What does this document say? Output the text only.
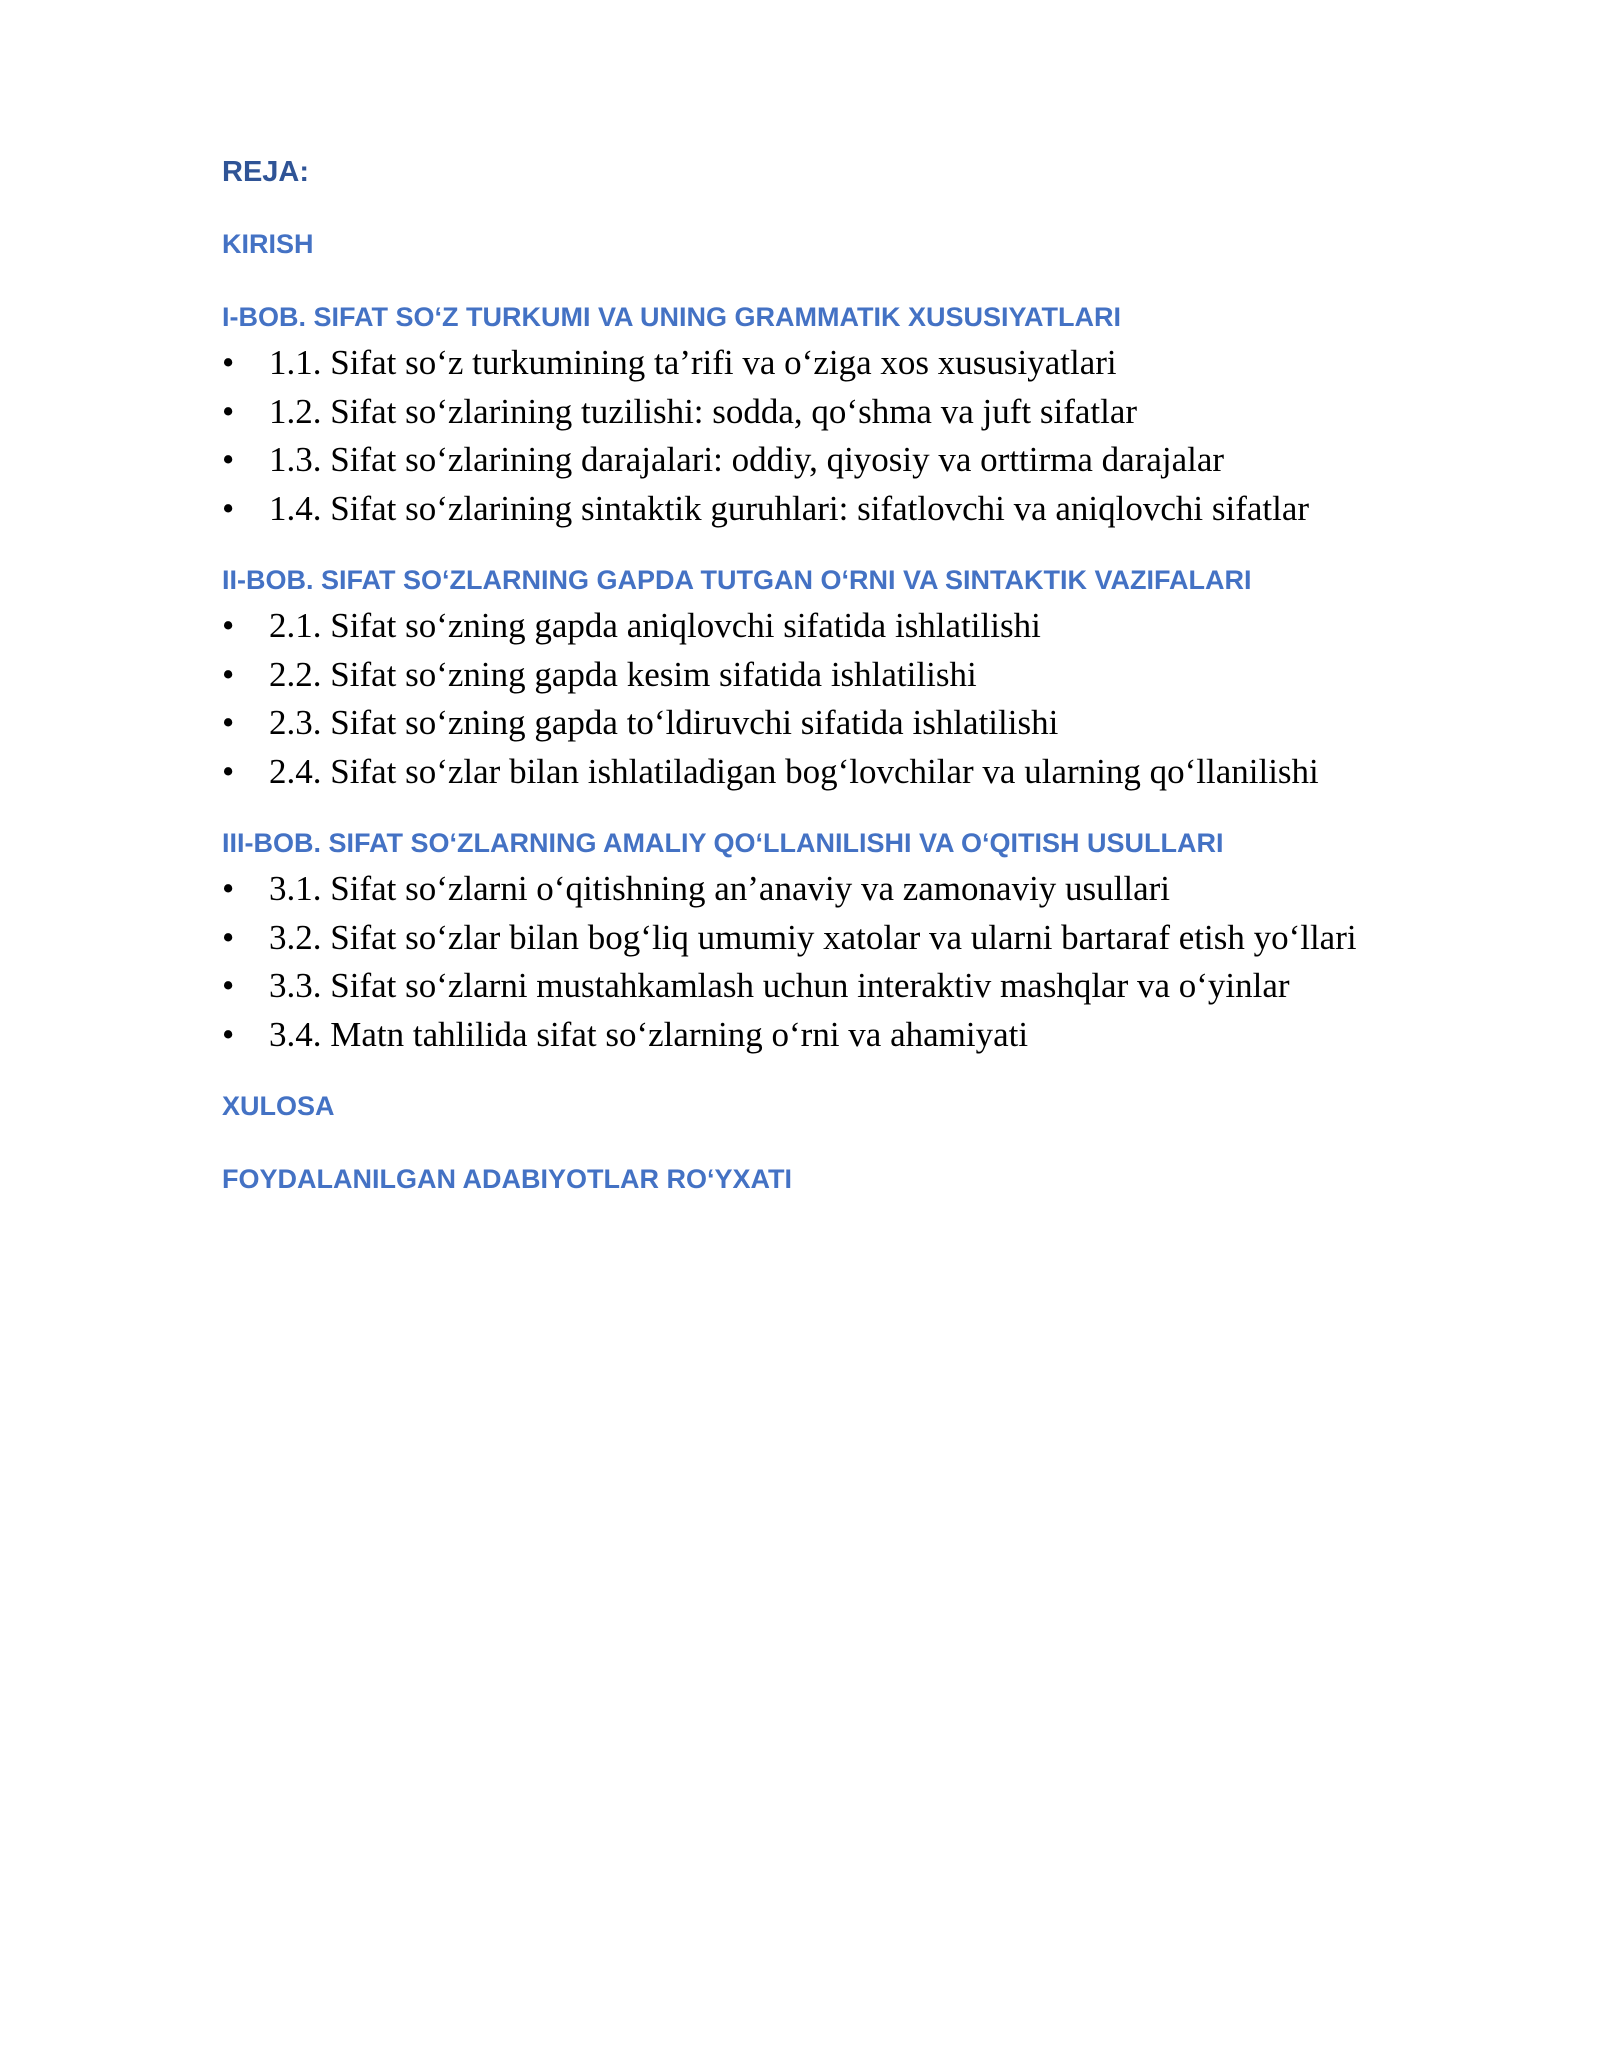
REJA:
KIRISH
I-BOB. SIFAT SO‘Z TURKUMI VA UNING GRAMMATIK XUSUSIYATLARI
• 1.1. Sifat so‘z turkumining ta’rifi va o‘ziga xos xususiyatlari
• 1.2. Sifat so‘zlarining tuzilishi: sodda, qo‘shma va juft sifatlar
• 1.3. Sifat so‘zlarining darajalari: oddiy, qiyosiy va orttirma darajalar
• 1.4. Sifat so‘zlarining sintaktik guruhlari: sifatlovchi va aniqlovchi sifatlar
II-BOB. SIFAT SO‘ZLARNING GAPDA TUTGAN O‘RNI VA SINTAKTIK VAZIFALARI
• 2.1. Sifat so‘zning gapda aniqlovchi sifatida ishlatilishi
• 2.2. Sifat so‘zning gapda kesim sifatida ishlatilishi
• 2.3. Sifat so‘zning gapda to‘ldiruvchi sifatida ishlatilishi
• 2.4. Sifat so‘zlar bilan ishlatiladigan bog‘lovchilar va ularning qo‘llanilishi
III-BOB. SIFAT SO‘ZLARNING AMALIY QO‘LLANILISHI VA O‘QITISH USULLARI
• 3.1. Sifat so‘zlarni o‘qitishning an’anaviy va zamonaviy usullari
• 3.2. Sifat so‘zlar bilan bog‘liq umumiy xatolar va ularni bartaraf etish yo‘llari
• 3.3. Sifat so‘zlarni mustahkamlash uchun interaktiv mashqlar va o‘yinlar
• 3.4. Matn tahlilida sifat so‘zlarning o‘rni va ahamiyati
XULOSA
FOYDALANILGAN ADABIYOTLAR RO‘YXATI
